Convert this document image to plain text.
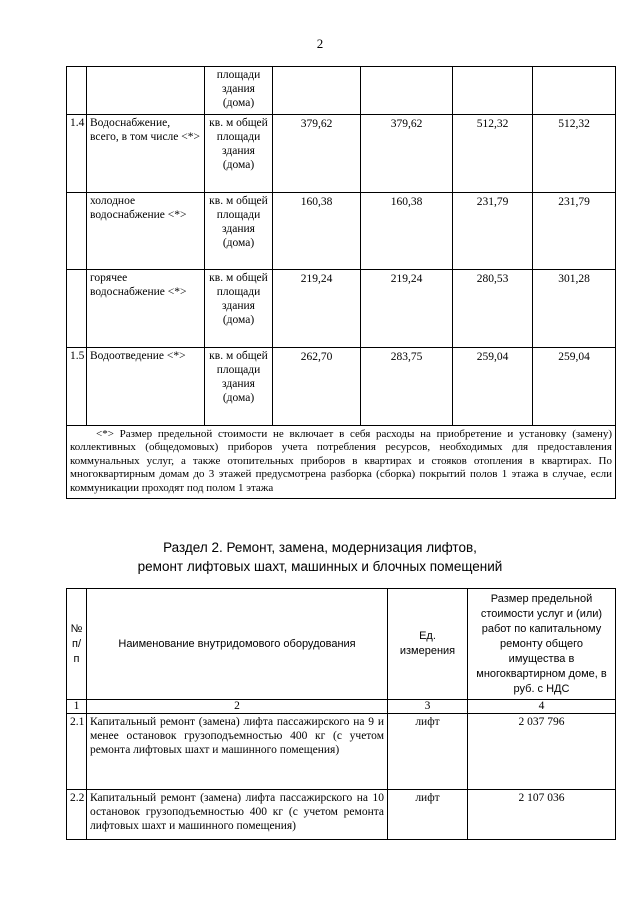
2
		площади здания (дома)				
1.4	Водоснабжение, всего, в том числе <*>	кв. м общей площади здания (дома)	379,62	379,62	512,32	512,32
	холодное водоснабжение <*>	кв. м общей площади здания (дома)	160,38	160,38	231,79	231,79
	горячее водоснабжение <*>	кв. м общей площади здания (дома)	219,24	219,24	280,53	301,28
1.5	Водоотведение <*>	кв. м общей площади здания (дома)	262,70	283,75	259,04	259,04
<*> Размер предельной стоимости не включает в себя расходы на приобретение и установку (замену) коллективных (общедомовых) приборов учета потребления ресурсов, необходимых для предоставления коммунальных услуг, а также отопительных приборов в квартирах и стояков отопления в квартирах. По многоквартирным домам до 3 этажей предусмотрена разборка (сборка) покрытий полов 1 этажа в случае, если коммуникации проходят под полом 1 этажа						
Раздел 2. Ремонт, замена, модернизация лифтов,
ремонт лифтовых шахт, машинных и блочных помещений
№ п/п	Наименование внутридомового оборудования	Ед. измерения	Размер предельной стоимости услуг и (или) работ по капитальному ремонту общего имущества в многоквартирном доме, в руб. с НДС
1	2	3	4
2.1	Капитальный ремонт (замена) лифта пассажирского на 9 и менее остановок грузоподъемностью 400 кг (с учетом ремонта лифтовых шахт и машинного помещения)	лифт	2 037 796
2.2	Капитальный ремонт (замена) лифта пассажирского на 10 остановок грузоподъемностью 400 кг (с учетом ремонта лифтовых шахт и машинного помещения)	лифт	2 107 036
